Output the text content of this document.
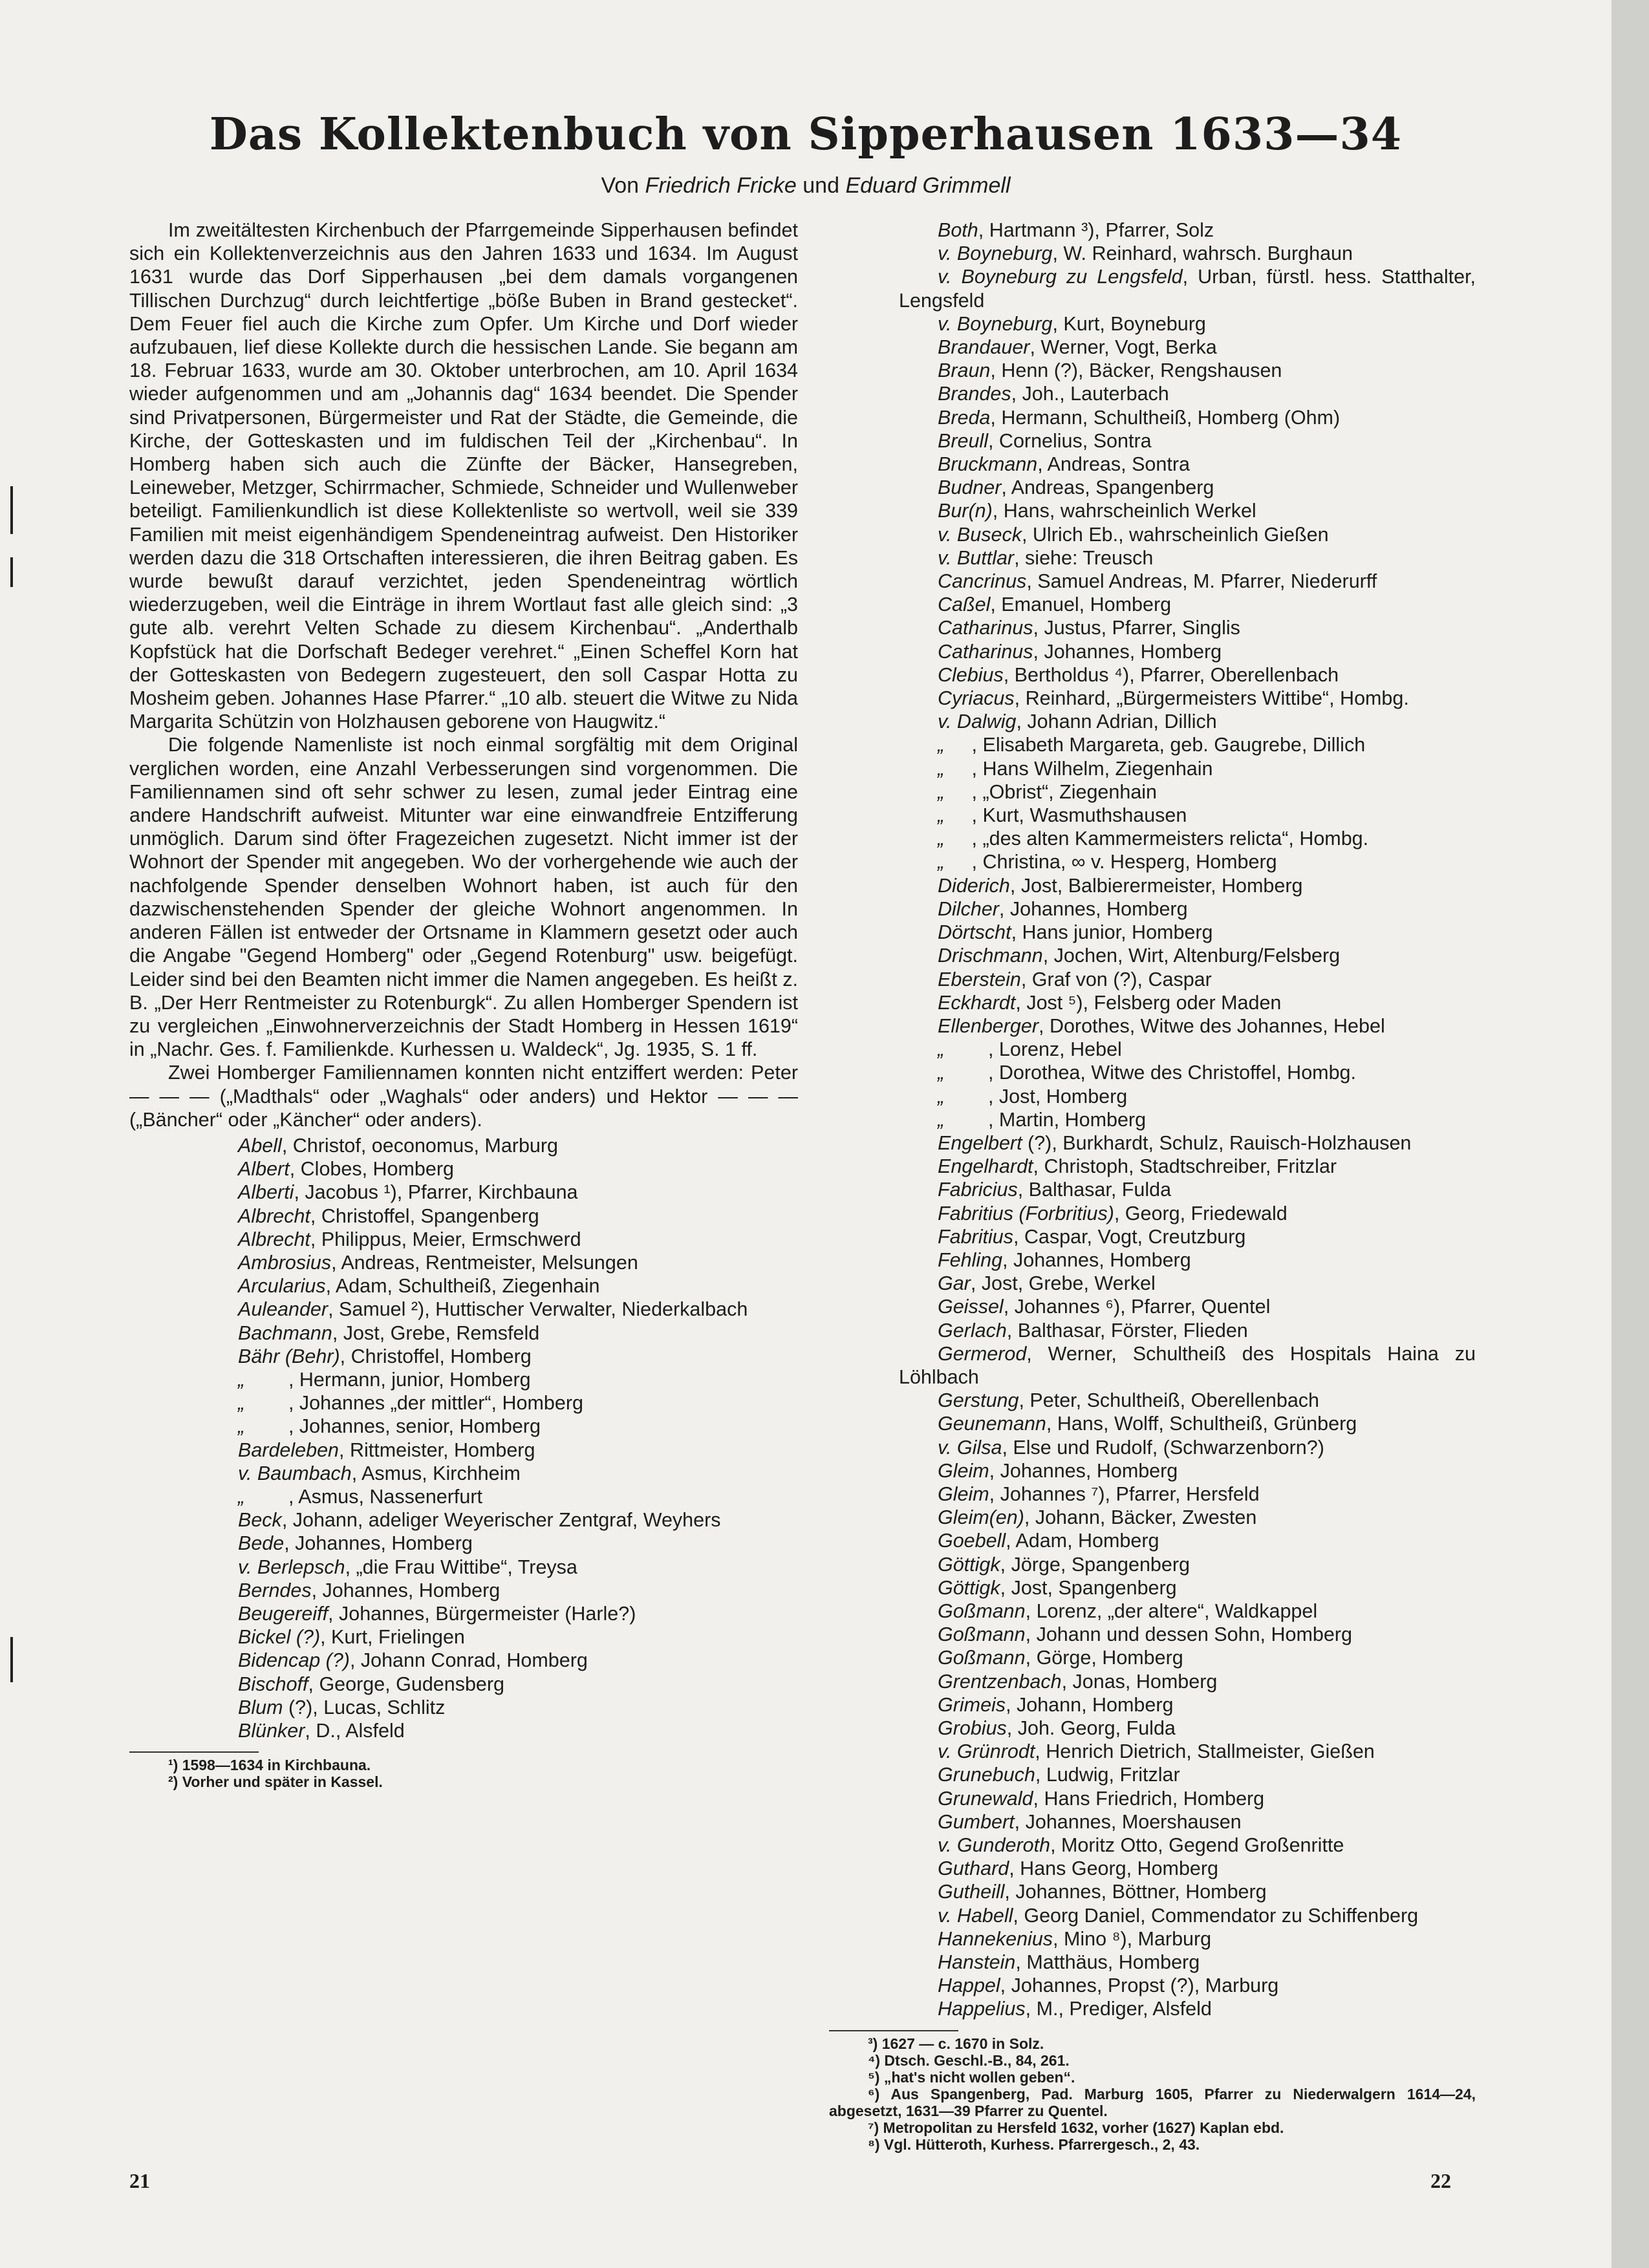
Das Kollektenbuch von Sipperhausen 1633—34

Von Friedrich Fricke und Eduard Grimmell

Im zweitältesten Kirchenbuch der Pfarrgemeinde Sipperhausen befindet sich ein Kollektenverzeichnis aus den Jahren 1633 und 1634. Im August 1631 wurde das Dorf Sipperhausen „bei dem damals vorgangenen Tillischen Durchzug“ durch leichtfertige „böße Buben in Brand gestecket“. Dem Feuer fiel auch die Kirche zum Opfer. Um Kirche und Dorf wieder aufzubauen, lief diese Kollekte durch die hessischen Lande. Sie begann am 18. Februar 1633, wurde am 30. Oktober unterbrochen, am 10. April 1634 wieder aufgenommen und am „Johannis dag“ 1634 beendet. Die Spender sind Privatpersonen, Bürgermeister und Rat der Städte, die Gemeinde, die Kirche, der Gotteskasten und im fuldischen Teil der „Kirchenbau“. In Homberg haben sich auch die Zünfte der Bäcker, Hansegreben, Leineweber, Metzger, Schirrmacher, Schmiede, Schneider und Wullenweber beteiligt. Familienkundlich ist diese Kollektenliste so wertvoll, weil sie 339 Familien mit meist eigenhändigem Spendeneintrag aufweist. Den Historiker werden dazu die 318 Ortschaften interessieren, die ihren Beitrag gaben. Es wurde bewußt darauf verzichtet, jeden Spendeneintrag wörtlich wiederzugeben, weil die Einträge in ihrem Wortlaut fast alle gleich sind: „3 gute alb. verehrt Velten Schade zu diesem Kirchenbau“. „Anderthalb Kopfstück hat die Dorfschaft Bedeger verehret.“ „Einen Scheffel Korn hat der Gotteskasten von Bedegern zugesteuert, den soll Caspar Hotta zu Mosheim geben. Johannes Hase Pfarrer.“ „10 alb. steuert die Witwe zu Nida Margarita Schützin von Holzhausen geborene von Haugwitz.“

Die folgende Namenliste ist noch einmal sorgfältig mit dem Original verglichen worden, eine Anzahl Verbesserungen sind vorgenommen. Die Familiennamen sind oft sehr schwer zu lesen, zumal jeder Eintrag eine andere Handschrift aufweist. Mitunter war eine einwandfreie Entzifferung unmöglich. Darum sind öfter Fragezeichen zugesetzt. Nicht immer ist der Wohnort der Spender mit angegeben. Wo der vorhergehende wie auch der nachfolgende Spender denselben Wohnort haben, ist auch für den dazwischenstehenden Spender der gleiche Wohnort angenommen. In anderen Fällen ist entweder der Ortsname in Klammern gesetzt oder auch die Angabe "Gegend Homberg" oder „Gegend Rotenburg" usw. beigefügt. Leider sind bei den Beamten nicht immer die Namen angegeben. Es heißt z. B. „Der Herr Rentmeister zu Rotenburgk“. Zu allen Homberger Spendern ist zu vergleichen „Einwohnerverzeichnis der Stadt Homberg in Hessen 1619“ in „Nachr. Ges. f. Familienkde. Kurhessen u. Waldeck“, Jg. 1935, S. 1 ff.

Zwei Homberger Familiennamen konnten nicht entziffert werden: Peter — — — („Madthals“ oder „Waghals“ oder anders) und Hektor — — — („Bäncher“ oder „Käncher“ oder anders).

Abell, Christof, oeconomus, Marburg

Albert, Clobes, Homberg

Alberti, Jacobus ¹), Pfarrer, Kirchbauna

Albrecht, Christoffel, Spangenberg

Albrecht, Philippus, Meier, Ermschwerd

Ambrosius, Andreas, Rentmeister, Melsungen

Arcularius, Adam, Schultheiß, Ziegenhain

Auleander, Samuel ²), Huttischer Verwalter, Niederkalbach

Bachmann, Jost, Grebe, Remsfeld

Bähr (Behr), Christoffel, Homberg

„        , Hermann, junior, Homberg

„        , Johannes „der mittler“, Homberg

„        , Johannes, senior, Homberg

Bardeleben, Rittmeister, Homberg

v. Baumbach, Asmus, Kirchheim

„        , Asmus, Nassenerfurt

Beck, Johann, adeliger Weyerischer Zentgraf, Weyhers

Bede, Johannes, Homberg

v. Berlepsch, „die Frau Wittibe“, Treysa

Berndes, Johannes, Homberg

Beugereiff, Johannes, Bürgermeister (Harle?)

Bickel (?), Kurt, Frielingen

Bidencap (?), Johann Conrad, Homberg

Bischoff, George, Gudensberg

Blum (?), Lucas, Schlitz

Blünker, D., Alsfeld

¹) 1598—1634 in Kirchbauna.

²) Vorher und später in Kassel.

Both, Hartmann ³), Pfarrer, Solz

v. Boyneburg, W. Reinhard, wahrsch. Burghaun

v. Boyneburg zu Lengsfeld, Urban, fürstl. hess. Statthalter, Lengsfeld

v. Boyneburg, Kurt, Boyneburg

Brandauer, Werner, Vogt, Berka

Braun, Henn (?), Bäcker, Rengshausen

Brandes, Joh., Lauterbach

Breda, Hermann, Schultheiß, Homberg (Ohm)

Breull, Cornelius, Sontra

Bruckmann, Andreas, Sontra

Budner, Andreas, Spangenberg

Bur(n), Hans, wahrscheinlich Werkel

v. Buseck, Ulrich Eb., wahrscheinlich Gießen

v. Buttlar, siehe: Treusch

Cancrinus, Samuel Andreas, M. Pfarrer, Niederurff

Caßel, Emanuel, Homberg

Catharinus, Justus, Pfarrer, Singlis

Catharinus, Johannes, Homberg

Clebius, Bertholdus ⁴), Pfarrer, Oberellenbach

Cyriacus, Reinhard, „Bürgermeisters Wittibe“, Hombg.

v. Dalwig, Johann Adrian, Dillich

„     , Elisabeth Margareta, geb. Gaugrebe, Dillich

„     , Hans Wilhelm, Ziegenhain

„     , „Obrist“, Ziegenhain

„     , Kurt, Wasmuthshausen

„     , „des alten Kammermeisters relicta“, Hombg.

„     , Christina, ∞ v. Hesperg, Homberg

Diderich, Jost, Balbierermeister, Homberg

Dilcher, Johannes, Homberg

Dörtscht, Hans junior, Homberg

Drischmann, Jochen, Wirt, Altenburg/Felsberg

Eberstein, Graf von (?), Caspar

Eckhardt, Jost ⁵), Felsberg oder Maden

Ellenberger, Dorothes, Witwe des Johannes, Hebel

„        , Lorenz, Hebel

„        , Dorothea, Witwe des Christoffel, Hombg.

„        , Jost, Homberg

„        , Martin, Homberg

Engelbert (?), Burkhardt, Schulz, Rauisch-Holzhausen

Engelhardt, Christoph, Stadtschreiber, Fritzlar

Fabricius, Balthasar, Fulda

Fabritius (Forbritius), Georg, Friedewald

Fabritius, Caspar, Vogt, Creutzburg

Fehling, Johannes, Homberg

Gar, Jost, Grebe, Werkel

Geissel, Johannes ⁶), Pfarrer, Quentel

Gerlach, Balthasar, Förster, Flieden

Germerod, Werner, Schultheiß des Hospitals Haina zu Löhlbach

Gerstung, Peter, Schultheiß, Oberellenbach

Geunemann, Hans, Wolff, Schultheiß, Grünberg

v. Gilsa, Else und Rudolf, (Schwarzenborn?)

Gleim, Johannes, Homberg

Gleim, Johannes ⁷), Pfarrer, Hersfeld

Gleim(en), Johann, Bäcker, Zwesten

Goebell, Adam, Homberg

Göttigk, Jörge, Spangenberg

Göttigk, Jost, Spangenberg

Goßmann, Lorenz, „der altere“, Waldkappel

Goßmann, Johann und dessen Sohn, Homberg

Goßmann, Görge, Homberg

Grentzenbach, Jonas, Homberg

Grimeis, Johann, Homberg

Grobius, Joh. Georg, Fulda

v. Grünrodt, Henrich Dietrich, Stallmeister, Gießen

Grunebuch, Ludwig, Fritzlar

Grunewald, Hans Friedrich, Homberg

Gumbert, Johannes, Moershausen

v. Gunderoth, Moritz Otto, Gegend Großenritte

Guthard, Hans Georg, Homberg

Gutheill, Johannes, Böttner, Homberg

v. Habell, Georg Daniel, Commendator zu Schiffenberg

Hannekenius, Mino ⁸), Marburg

Hanstein, Matthäus, Homberg

Happel, Johannes, Propst (?), Marburg

Happelius, M., Prediger, Alsfeld

³) 1627 — c. 1670 in Solz.

⁴) Dtsch. Geschl.-B., 84, 261.

⁵) „hat's nicht wollen geben“.

⁶) Aus Spangenberg, Pad. Marburg 1605, Pfarrer zu Niederwalgern 1614—24, abgesetzt, 1631—39 Pfarrer zu Quentel.

⁷) Metropolitan zu Hersfeld 1632, vorher (1627) Kaplan ebd.

⁸) Vgl. Hütteroth, Kurhess. Pfarrergesch., 2, 43.

21	22
